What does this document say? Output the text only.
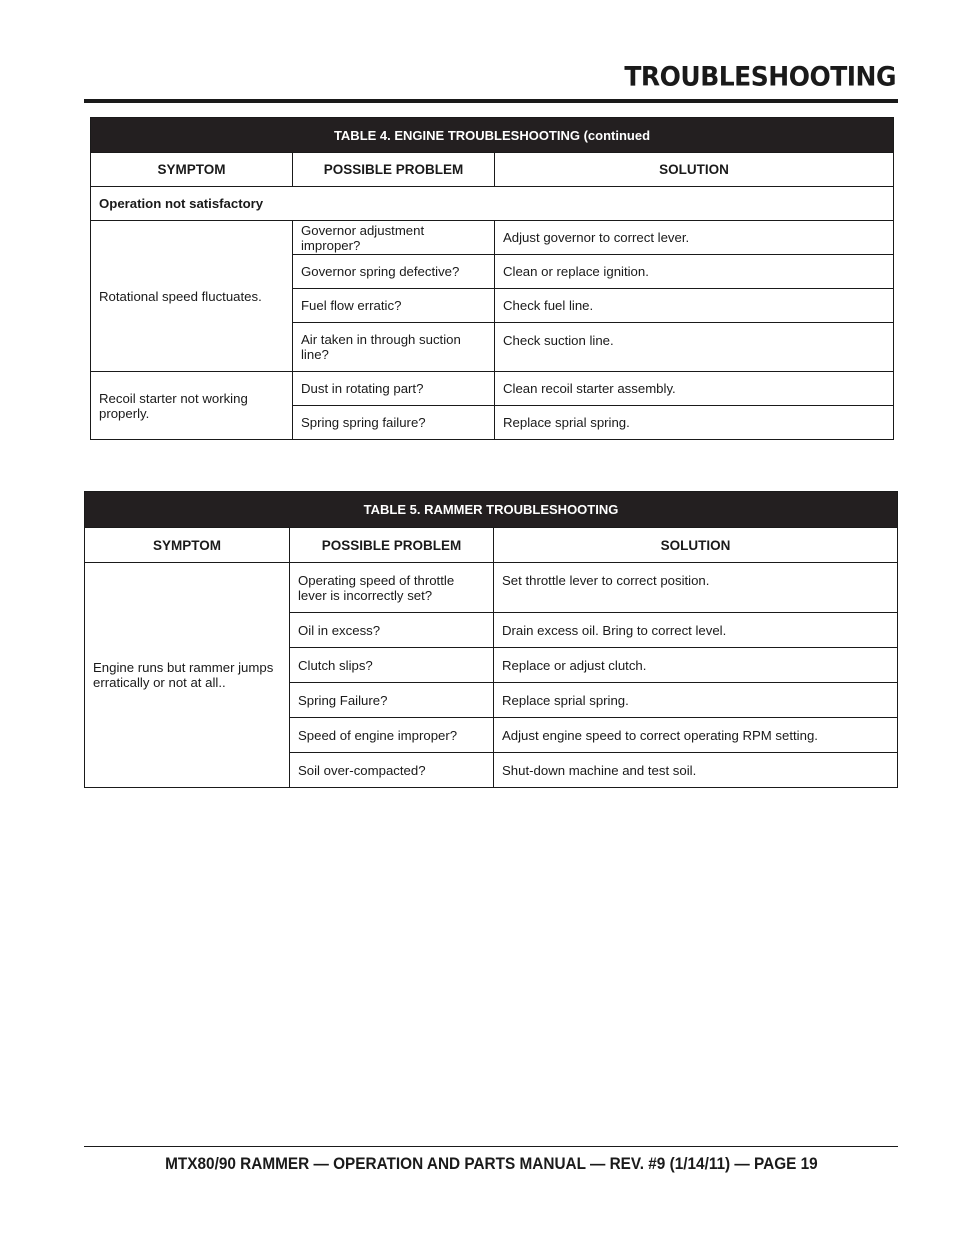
TROUBLESHOOTING
TABLE 4. ENGINE TROUBLESHOOTING (continued		
SYMPTOM	POSSIBLE PROBLEM	SOLUTION
Operation not satisfactory		
Rotational speed fluctuates.	Governor adjustment improper?	Adjust governor to correct lever.
	Governor spring defective?	Clean or replace ignition.
	Fuel flow erratic?	Check fuel line.
	Air taken in through suction line?	Check suction line.
Recoil starter not working properly.	Dust in rotating part?	Clean recoil starter assembly.
	Spring spring failure?	Replace sprial spring.
TABLE 5. RAMMER TROUBLESHOOTING		
SYMPTOM	POSSIBLE PROBLEM	SOLUTION
Engine runs but rammer jumps erratically or not at all..	Operating speed of throttle lever is incorrectly set?	Set throttle lever to correct position.
	Oil in excess?	Drain excess oil. Bring to correct level.
	Clutch slips?	Replace or adjust clutch.
	Spring Failure?	Replace sprial spring.
	Speed of engine improper?	Adjust engine speed to correct operating RPM setting.
	Soil over-compacted?	Shut-down machine and test soil.
MTX80/90 RAMMER — OPERATION AND PARTS MANUAL — REV. #9 (1/14/11) — PAGE 19
